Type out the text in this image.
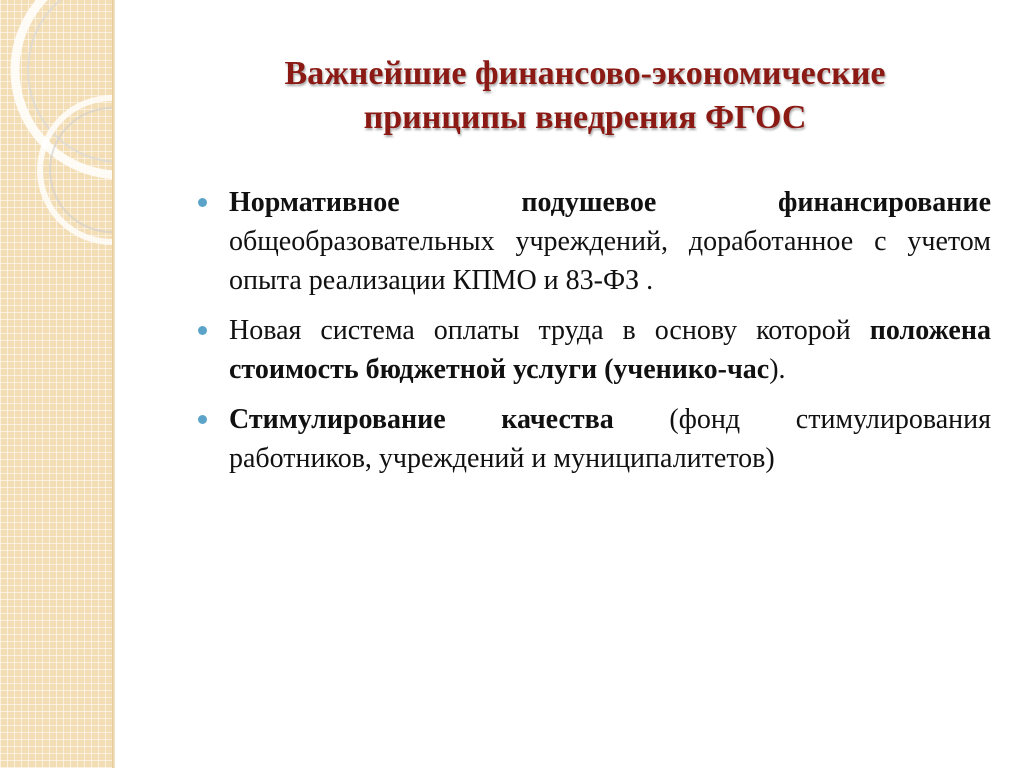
Важнейшие финансово-экономические
принципы внедрения ФГОС
Нормативное подушевое финансирование общеобразовательных учреждений, доработанное с учетом опыта реализации КПМО и 83-ФЗ .
Новая система оплаты труда в основу которой положена стоимость бюджетной услуги (ученико-час).
Стимулирование качества (фонд стимулирования работников, учреждений и муниципалитетов)
